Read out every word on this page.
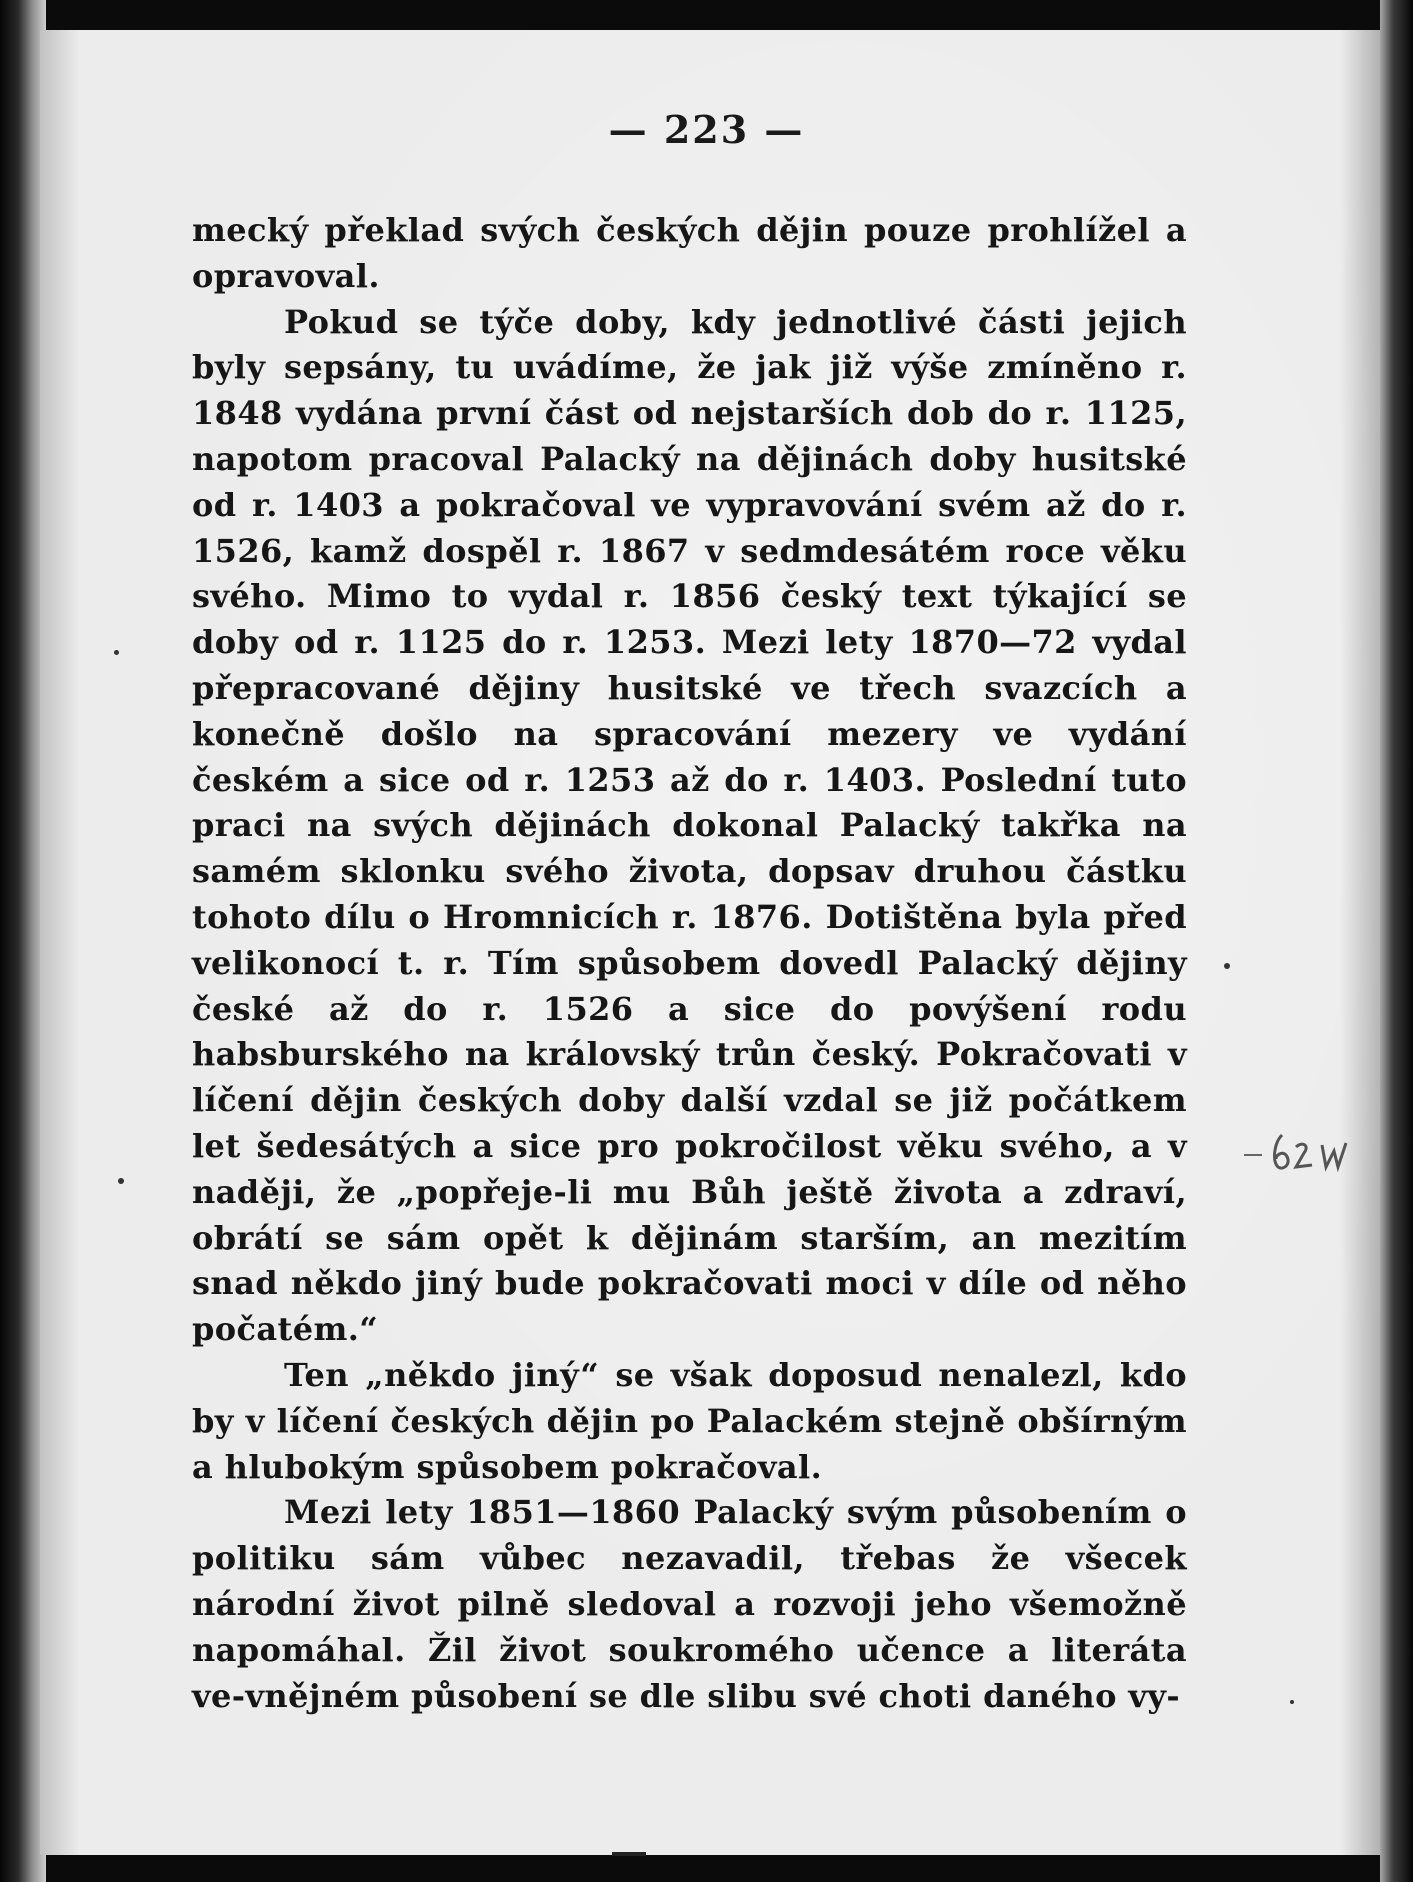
— 223 —

mecký překlad svých českých dějin pouze prohlížel a opravoval.

Pokud se týče doby, kdy jednotlivé části jejich byly sepsány, tu uvádíme, že jak již výše zmíněno r. 1848 vydána první část od nejstarších dob do r. 1125, napotom pracoval Palacký na dějinách doby husitské od r. 1403 a pokračoval ve vypravování svém až do r. 1526, kamž dospěl r. 1867 v sedmdesátém roce věku svého. Mimo to vydal r. 1856 český text týkající se doby od r. 1125 do r. 1253. Mezi lety 1870—72 vydal přepracované dějiny husitské ve třech svazcích a konečně došlo na spracování mezery ve vydání českém a sice od r. 1253 až do r. 1403. Poslední tuto praci na svých dějinách dokonal Palacký takřka na samém sklonku svého života, dopsav druhou částku tohoto dílu o Hromnicích r. 1876. Dotištěna byla před velikonocí t. r. Tím spůsobem dovedl Palacký dějiny české až do r. 1526 a sice do povýšení rodu habsburského na královský trůn český. Pokračovati v líčení dějin českých doby další vzdal se již počátkem let šedesátých a sice pro pokročilost věku svého, a v naději, že „popřeje-li mu Bůh ještě života a zdraví, obrátí se sám opět k dějinám starším, an mezitím snad někdo jiný bude pokračovati moci v díle od něho počatém.“

Ten „někdo jiný“ se však doposud nenalezl, kdo by v líčení českých dějin po Palackém stejně obšírným a hlubokým spůsobem pokračoval.

Mezi lety 1851—1860 Palacký svým působením o politiku sám vůbec nezavadil, třebas že všecek národní život pilně sledoval a rozvoji jeho všemožně napomáhal. Žil život soukromého učence a literáta ve-vnějném působení se dle slibu své choti daného vy-
